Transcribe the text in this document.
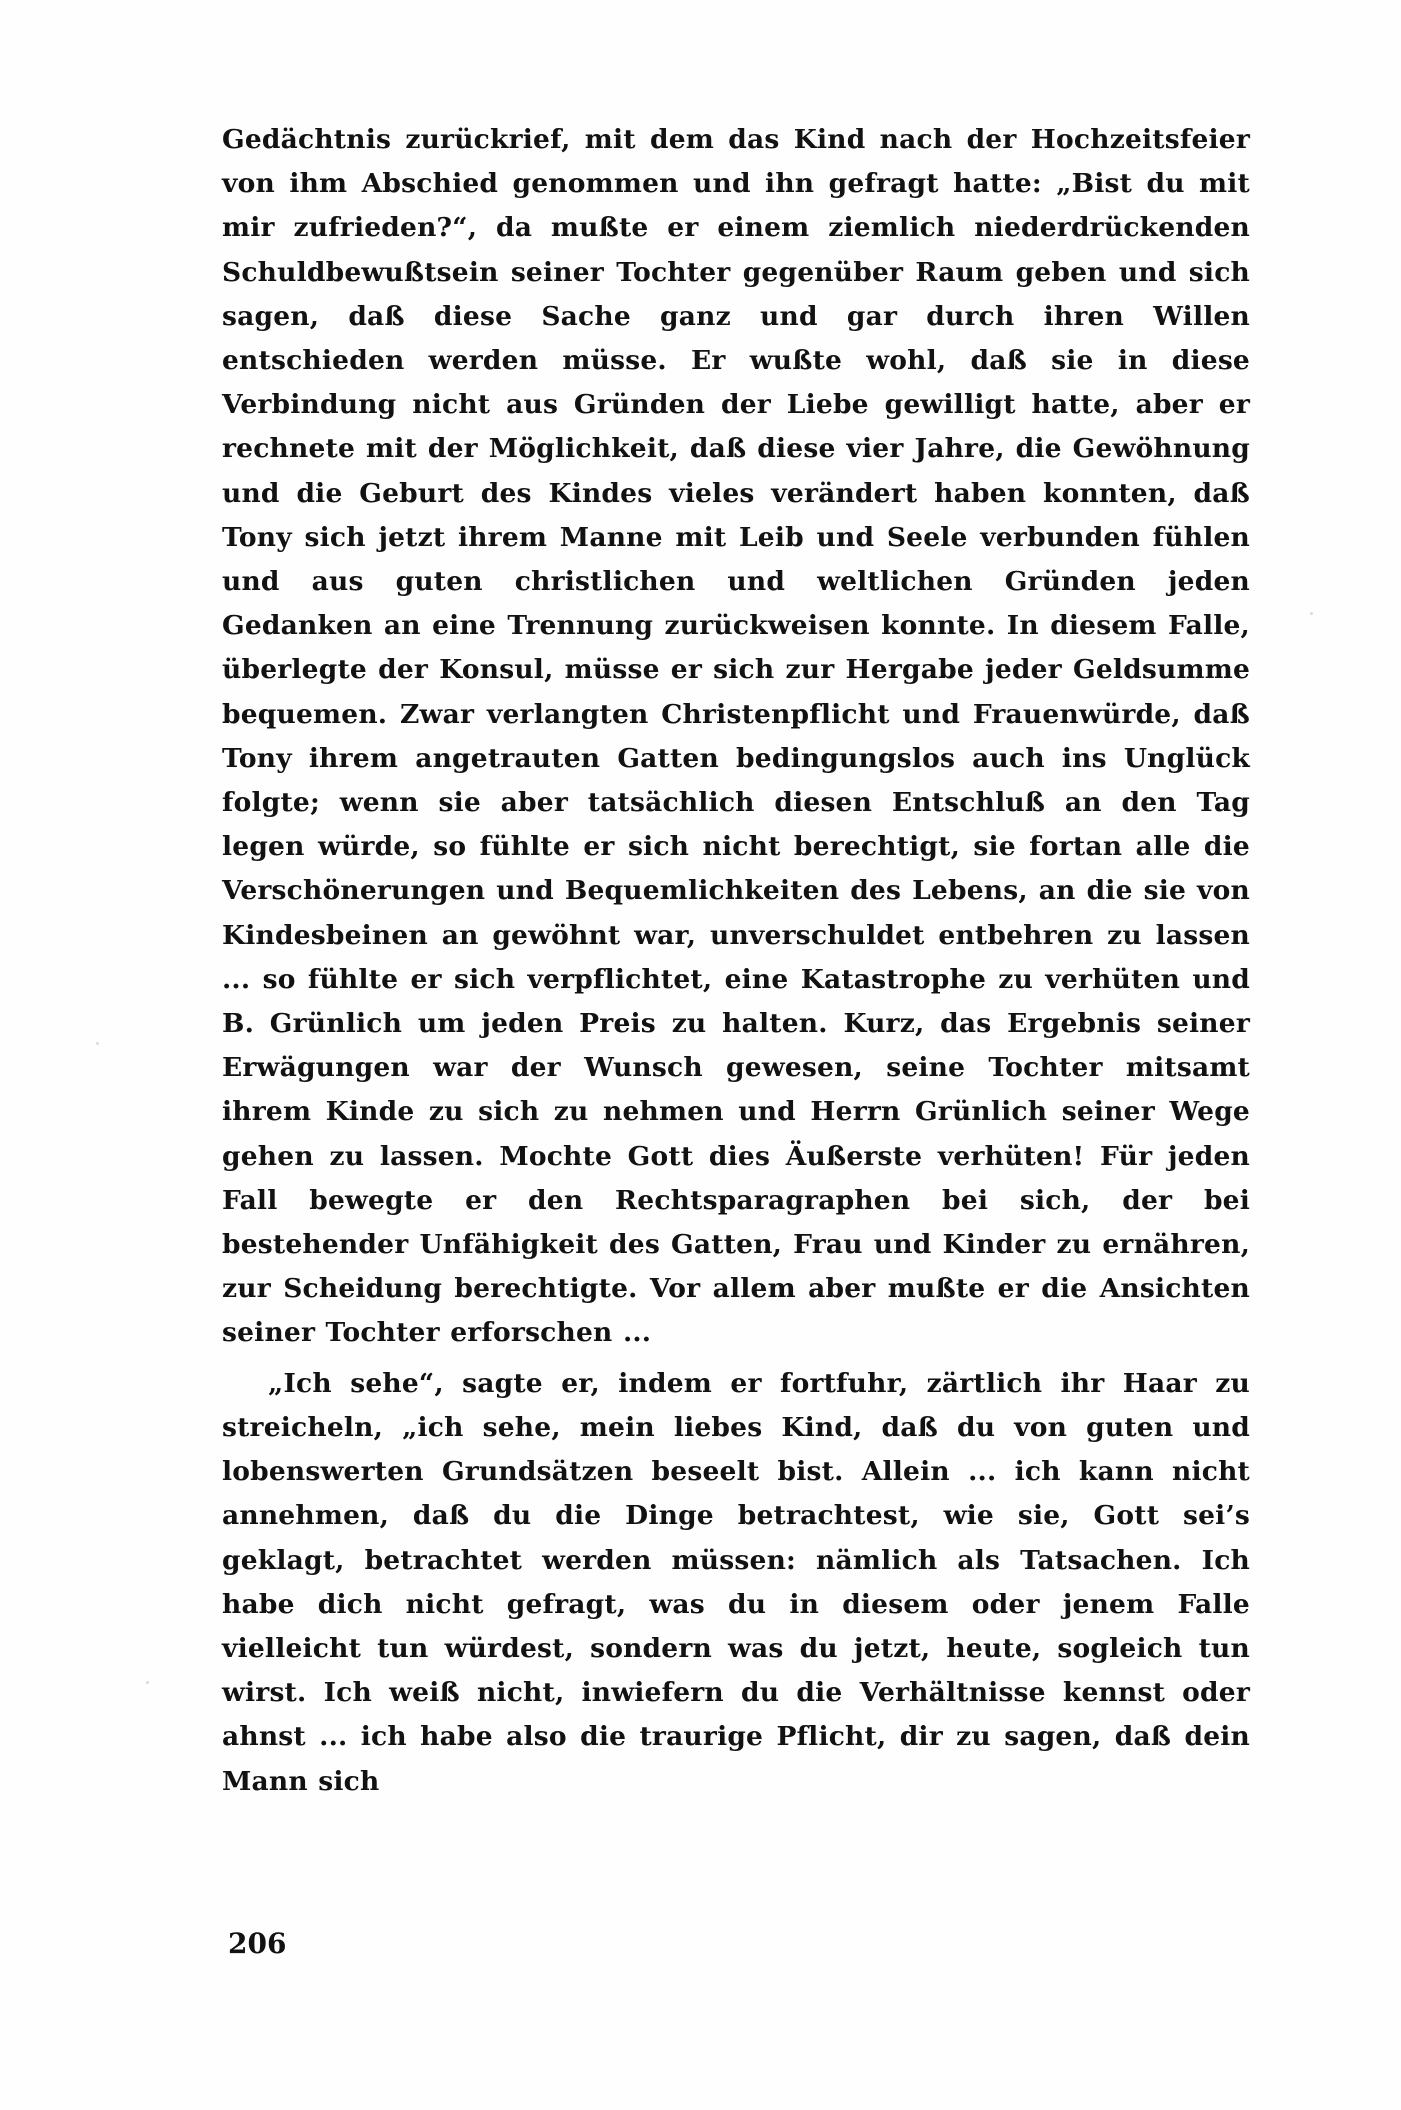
Gedächtnis zurückrief, mit dem das Kind nach der Hochzeitsfeier von ihm Abschied genommen und ihn gefragt hatte: „Bist du mit mir zufrieden?“, da mußte er einem ziemlich niederdrückenden Schuldbewußtsein seiner Tochter gegenüber Raum geben und sich sagen, daß diese Sache ganz und gar durch ihren Willen entschieden werden müsse. Er wußte wohl, daß sie in diese Verbindung nicht aus Gründen der Liebe gewilligt hatte, aber er rechnete mit der Möglichkeit, daß diese vier Jahre, die Gewöhnung und die Geburt des Kindes vieles verändert haben konnten, daß Tony sich jetzt ihrem Manne mit Leib und Seele verbunden fühlen und aus guten christlichen und weltlichen Gründen jeden Gedanken an eine Trennung zurückweisen konnte. In diesem Falle, überlegte der Konsul, müsse er sich zur Hergabe jeder Geldsumme bequemen. Zwar verlangten Christenpflicht und Frauenwürde, daß Tony ihrem angetrauten Gatten bedingungslos auch ins Unglück folgte; wenn sie aber tatsächlich diesen Entschluß an den Tag legen würde, so fühlte er sich nicht berechtigt, sie fortan alle die Verschönerungen und Bequemlichkeiten des Lebens, an die sie von Kindesbeinen an gewöhnt war, unverschuldet entbehren zu lassen ... so fühlte er sich verpflichtet, eine Katastrophe zu verhüten und B. Grünlich um jeden Preis zu halten. Kurz, das Ergebnis seiner Erwägungen war der Wunsch gewesen, seine Tochter mitsamt ihrem Kinde zu sich zu nehmen und Herrn Grünlich seiner Wege gehen zu lassen. Mochte Gott dies Äußerste verhüten! Für jeden Fall bewegte er den Rechtsparagraphen bei sich, der bei bestehender Unfähigkeit des Gatten, Frau und Kinder zu ernähren, zur Scheidung berechtigte. Vor allem aber mußte er die Ansichten seiner Tochter erforschen ...

„Ich sehe“, sagte er, indem er fortfuhr, zärtlich ihr Haar zu streicheln, „ich sehe, mein liebes Kind, daß du von guten und lobenswerten Grundsätzen beseelt bist. Allein ... ich kann nicht annehmen, daß du die Dinge betrachtest, wie sie, Gott sei’s geklagt, betrachtet werden müssen: nämlich als Tatsachen. Ich habe dich nicht gefragt, was du in diesem oder jenem Falle vielleicht tun würdest, sondern was du jetzt, heute, sogleich tun wirst. Ich weiß nicht, inwiefern du die Verhältnisse kennst oder ahnst ... ich habe also die traurige Pflicht, dir zu sagen, daß dein Mann sich

206
